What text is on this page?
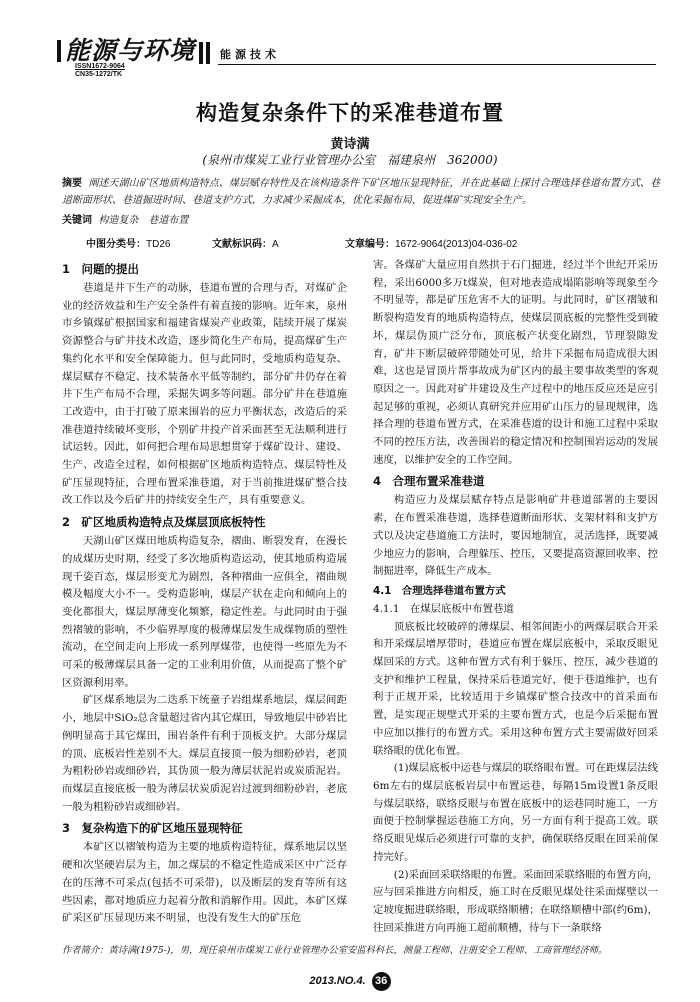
能源与环境
ISSN1672-9064
CN35-1272/TK
能源技术
构造复杂条件下的采准巷道布置
黄诗满
(泉州市煤炭工业行业管理办公室　福建泉州　362000)
摘要 阐述天湖山矿区地质构造特点、煤层赋存特性及在该构造条件下矿区地压显现特征，并在此基础上探讨合理选择巷道布置方式、巷道断面形状、巷道掘进时间、巷道支护方式，力求减少采掘成本，优化采掘布局，促进煤矿实现安全生产。
关键词 构造复杂　巷道布置
中图分类号：TD26	文献标识码：A	文章编号：1672-9064(2013)04-036-02
1　问题的提出

巷道是井下生产的动脉，巷道布置的合理与否，对煤矿企业的经济效益和生产安全条件有着直接的影响。近年来，泉州市乡镇煤矿根据国家和福建省煤炭产业政策，陆续开展了煤炭资源整合与矿井技术改造，逐步简化生产布局，提高煤矿生产集约化水平和安全保障能力。但与此同时，受地质构造复杂、煤层赋存不稳定、技术装备水平低等制约，部分矿井仍存在着井下生产布局不合理，采掘失调多等问题。部分矿井在巷道施工改造中，由于打破了原来围岩的应力平衡状态，改造后的采准巷道持续破坏变形，个别矿井投产首采面甚至无法顺利进行试运转。因此，如何把合理布局思想贯穿于煤矿设计、建设、生产、改造全过程，如何根据矿区地质构造特点、煤层特性及矿压显现特征，合理布置采准巷道，对于当前推进煤矿整合技改工作以及今后矿井的持续安全生产，具有重要意义。

2　矿区地质构造特点及煤层顶底板特性

天湖山矿区煤田地质构造复杂，褶曲、断裂发育，在漫长的成煤历史时期，经受了多次地质构造运动，使其地质构造展现千姿百态，煤层形变尤为剧烈，各种褶曲一应俱全，褶曲规模及幅度大小不一。受构造影响，煤层产状在走向和倾向上的变化都很大，煤层厚薄变化频繁，稳定性差。与此同时由于强烈褶皱的影响，不少临界厚度的极薄煤层发生成煤物质的塑性流动，在空间走向上形成一系列厚煤带，也使得一些原先为不可采的极薄煤层具备一定的工业利用价值，从而提高了整个矿区资源利用率。

矿区煤系地层为二迭系下统童子岩组煤系地层，煤层间距小，地层中SiO₂总含量超过省内其它煤田，导致地层中砂岩比例明显高于其它煤田，围岩条件有利于顶板支护。大部分煤层的顶、底板岩性差别不大。煤层直接顶一般为细粉砂岩，老顶为粗粉砂岩或细砂岩，其伪顶一般为薄层状泥岩或炭质泥岩。而煤层直接底板一般为薄层状炭质泥岩过渡到细粉砂岩，老底一般为粗粉砂岩或细砂岩。

3　复杂构造下的矿区地压显现特征

本矿区以褶皱构造为主要的地质构造特征，煤系地层以坚硬和次坚硬岩层为主，加之煤层的不稳定性造成采区中广泛存在的压薄不可采点(包括不可采带)，以及断层的发育等所有这些因素，都对地质应力起着分散和消解作用。因此，本矿区煤矿采区矿压显现历来不明显，也没有发生大的矿压危

害。各煤矿大量应用自然拱于石门掘进，经过半个世纪开采历程，采出6000多万t煤炭，但对地表造成塌陷影响等现象至今不明显等，都是矿压危害不大的证明。与此同时，矿区褶皱和断裂构造发育的地质构造特点，使煤层顶底板的完整性受到破坏，煤层伪顶广泛分布，顶底板产状变化剧烈，节理裂隙发育，矿井下断层破碎带随处可见，给井下采掘布局造成很大困难，这也是冒顶片帮事故成为矿区内的最主要事故类型的客观原因之一。因此对矿井建设及生产过程中的地压反应还是应引起足够的重视，必须认真研究并应用矿山压力的显现规律，选择合理的巷道布置方式，在采准巷道的设计和施工过程中采取不同的控压方法，改善围岩的稳定情况和控制围岩运动的发展速度，以维护安全的工作空间。

4　合理布置采准巷道

构造应力及煤层赋存特点是影响矿井巷道部署的主要因素，在布置采准巷道，选择巷道断面形状、支架材料和支护方式以及决定巷道施工方法时，要因地制宜，灵活选择，既要减少地应力的影响，合理躲压、控压，又要提高资源回收率、控制掘进率，降低生产成本。

4.1　合理选择巷道布置方式
4.1.1　在煤层底板中布置巷道

顶底板比较破碎的薄煤层、相邻间距小的两煤层联合开采和开采煤层增厚带时，巷道应布置在煤层底板中，采取反眼见煤回采的方式。这种布置方式有利于躲压、控压，减少巷道的支护和维护工程量，保持采后巷道完好，便于巷道维护，也有利于正规开采，比较适用于乡镇煤矿整合技改中的首采面布置，是实现正规壁式开采的主要布置方式，也是今后采掘布置中应加以推行的布置方式。采用这种布置方式主要需做好回采联络眼的优化布置。

(1)煤层底板中运巷与煤层的联络眼布置。可在距煤层法线6m左右的煤层底板岩层中布置运巷，每隔15m设置1条反眼与煤层联络，联络反眼与布置在底板中的运巷同时施工，一方面便于控制掌握运巷施工方向，另一方面有利于提高工效。联络反眼见煤后必须进行可靠的支护，确保联络反眼在回采前保持完好。

(2)采面回采联络眼的布置。采面回采联络眼的布置方向，应与回采推进方向相反，施工时在反眼见煤处往采面煤壁以一定坡度掘进联络眼，形成联络顺槽；在联络顺槽中部(约6m)，往回采推进方向再施工超前顺槽，待与下一条联络

作者简介：黄诗满(1975-)，男，现任泉州市煤炭工业行业管理办公室安监科科长，测量工程师、注册安全工程师、工商管理经济师。
2013.NO.4. 36
